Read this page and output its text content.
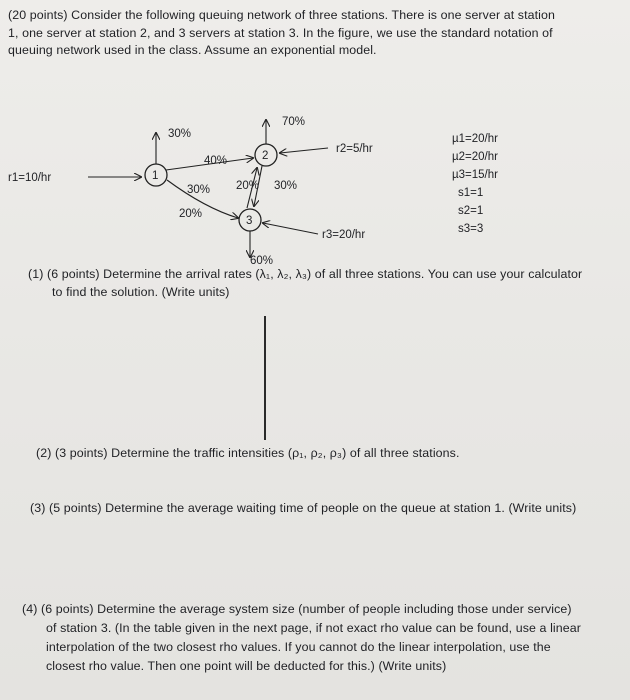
(20 points) Consider the following queuing network of three stations. There is one server at station
1, one server at station 2, and 3 servers at station 3. In the figure, we use the standard notation of
queuing network used in the class. Assume an exponential model.
1
2
3
r1=10/hr
r2=5/hr
r3=20/hr
30%
40%
30%
20%
20% 30%
70%
60%
µ1=20/hr
µ2=20/hr
µ3=15/hr
s1=1
s2=1
s3=3
(1) (6 points) Determine the arrival rates (λ₁, λ₂, λ₃) of all three stations. You can use your calculator
to find the solution. (Write units)
(2) (3 points) Determine the traffic intensities (ρ₁, ρ₂, ρ₃) of all three stations.
(3) (5 points) Determine the average waiting time of people on the queue at station 1. (Write units)
(4) (6 points) Determine the average system size (number of people including those under service)
of station 3. (In the table given in the next page, if not exact rho value can be found, use a linear
interpolation of the two closest rho values. If you cannot do the linear interpolation, use the
closest rho value. Then one point will be deducted for this.) (Write units)
